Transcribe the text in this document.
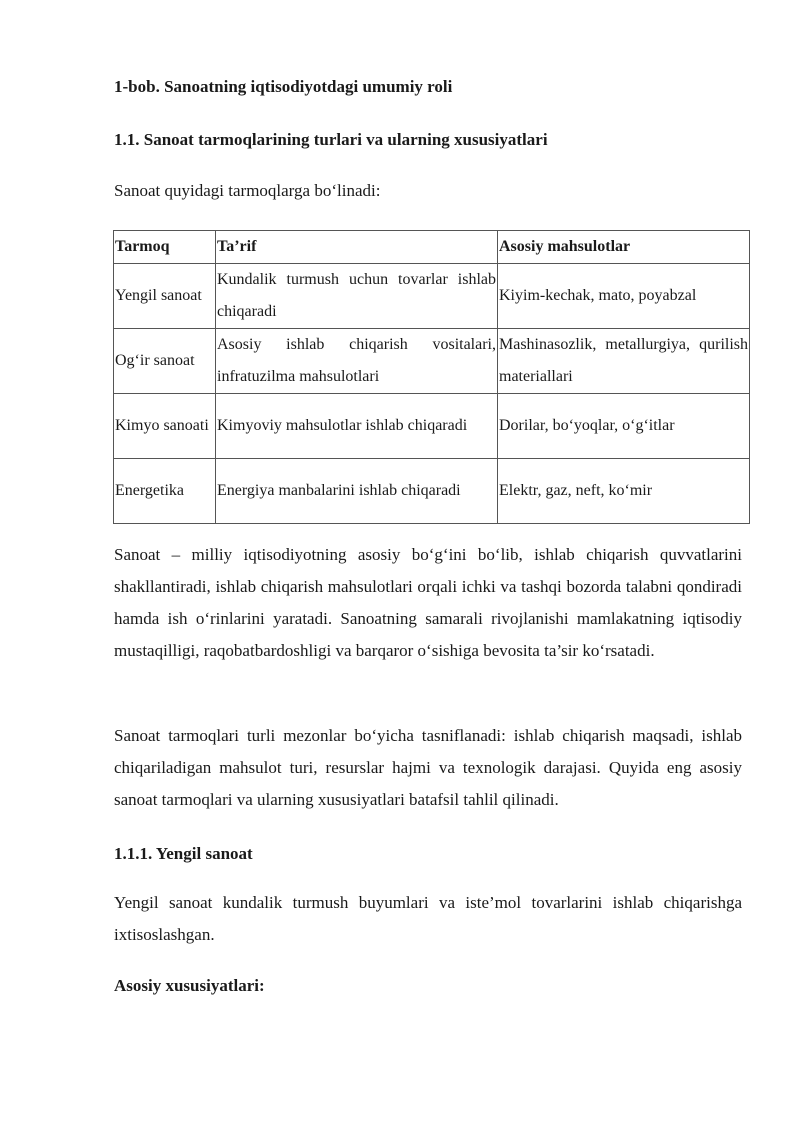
1-bob. Sanoatning iqtisodiyotdagi umumiy roli
1.1. Sanoat tarmoqlarining turlari va ularning xususiyatlari
Sanoat quyidagi tarmoqlarga bo‘linadi:
Tarmoq	Ta’rif	Asosiy mahsulotlar
Yengil sanoat	Kundalik turmush uchun tovarlar ishlab chiqaradi	Kiyim-kechak, mato, poyabzal
Og‘ir sanoat	Asosiy ishlab chiqarish vositalari, infratuzilma mahsulotlari	Mashinasozlik, metallurgiya, qurilish materiallari
Kimyo sanoati	Kimyoviy mahsulotlar ishlab chiqaradi	Dorilar, bo‘yoqlar, o‘g‘itlar
Energetika	Energiya manbalarini ishlab chiqaradi	Elektr, gaz, neft, ko‘mir

Sanoat – milliy iqtisodiyotning asosiy bo‘g‘ini bo‘lib, ishlab chiqarish quvvatlarini shakllantiradi, ishlab chiqarish mahsulotlari orqali ichki va tashqi bozorda talabni qondiradi hamda ish o‘rinlarini yaratadi. Sanoatning samarali rivojlanishi mamlakatning iqtisodiy mustaqilligi, raqobatbardoshligi va barqaror o‘sishiga bevosita ta’sir ko‘rsatadi.

Sanoat tarmoqlari turli mezonlar bo‘yicha tasniflanadi: ishlab chiqarish maqsadi, ishlab chiqariladigan mahsulot turi, resurslar hajmi va texnologik darajasi. Quyida eng asosiy sanoat tarmoqlari va ularning xususiyatlari batafsil tahlil qilinadi.

1.1.1. Yengil sanoat

Yengil sanoat kundalik turmush buyumlari va iste’mol tovarlarini ishlab chiqarishga ixtisoslashgan.

Asosiy xususiyatlari:
